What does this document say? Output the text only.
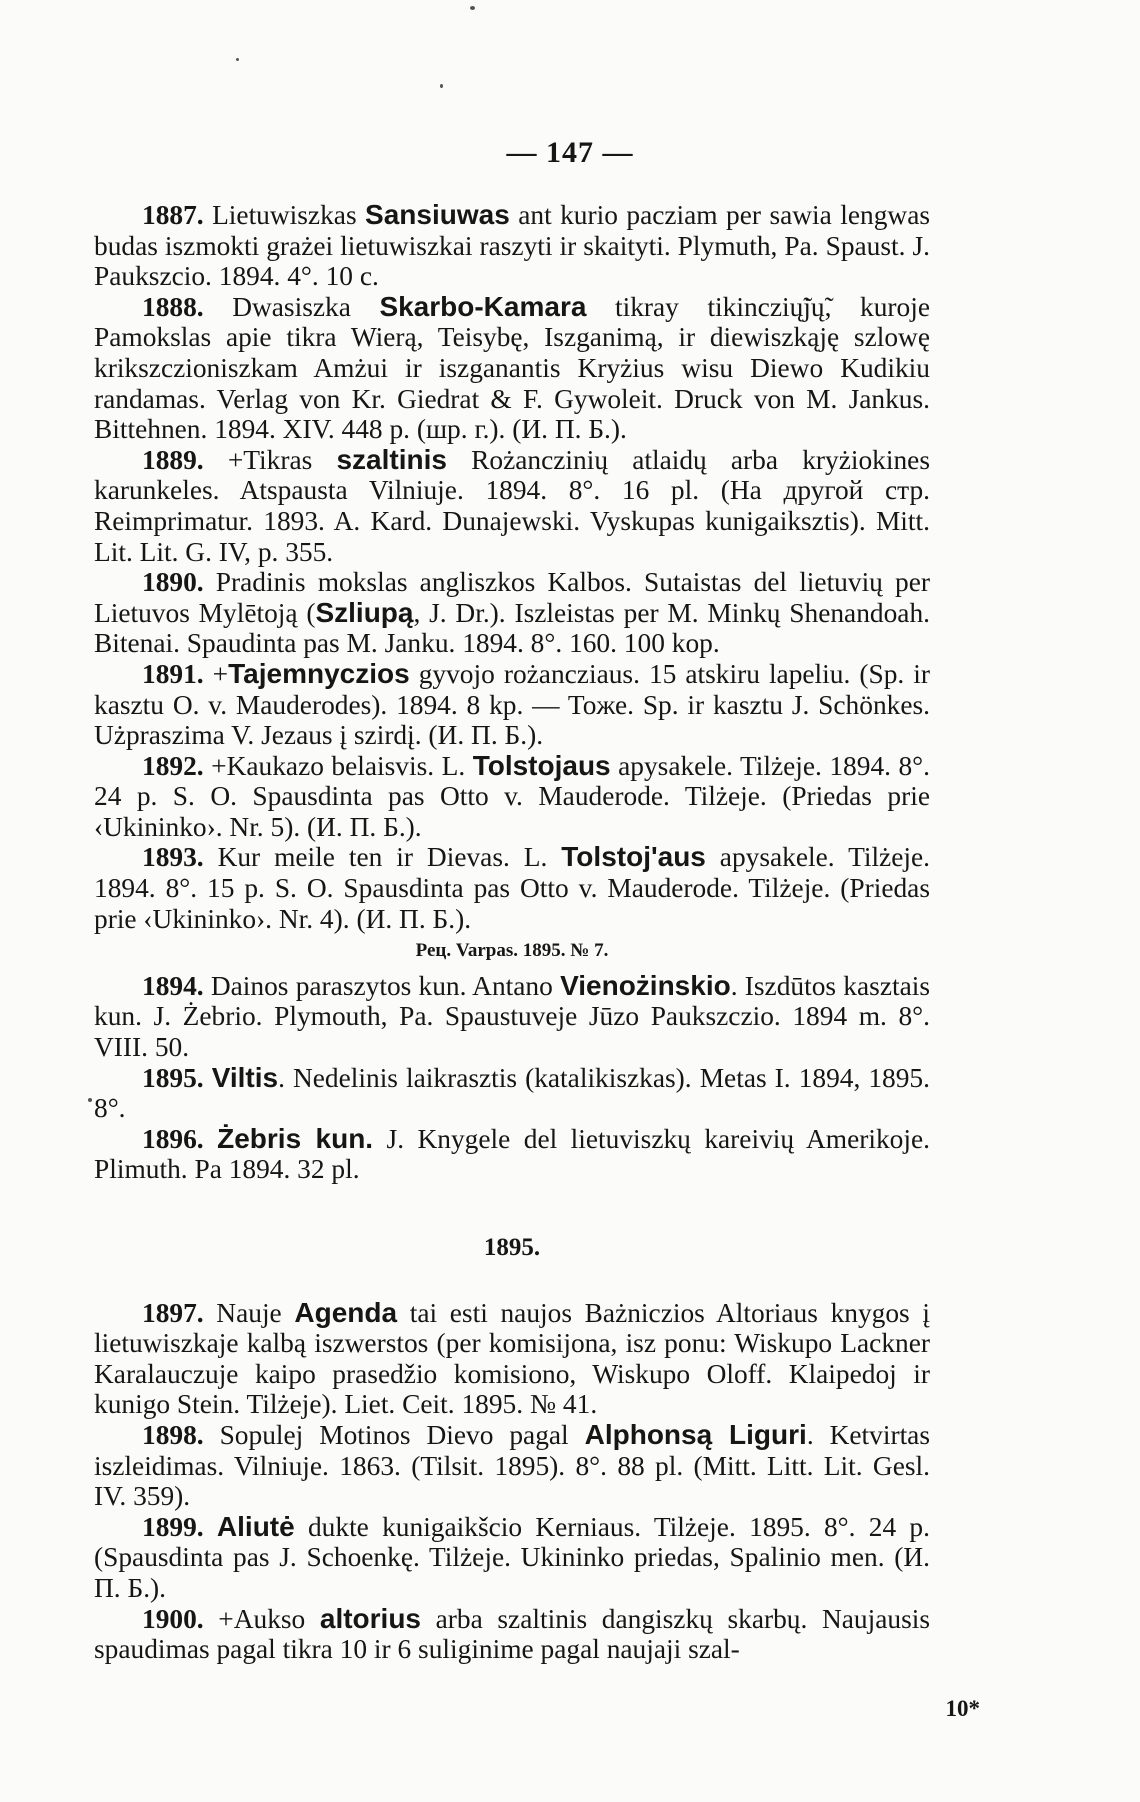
— 147 —
1887. Lietuwiszkas Sansiuwas ant kurio pacziam per sawia lengwas budas iszmokti grażei lietuwiszkai raszyti ir skaityti. Plymuth, Pa. Spaust. J. Paukszcio. 1894. 4°. 10 c.
1888. Dwasiszka Skarbo-Kamara tikray tikinczių̃jų̃, kuroje Pamokslas apie tikra Wierą, Teisybę, Iszganimą, ir diewiszkąję szlowę krikszczioniszkam Amżui ir iszganantis Kryżius wisu Diewo Kudikiu randamas. Verlag von Kr. Giedrat & F. Gywoleit. Druck von M. Jankus. Bittehnen. 1894. XIV. 448 p. (шр. г.). (И. П. Б.).
1889. +Tikras szaltinis Rożanczinių atlaidų arba kryżiokines karunkeles. Atspausta Vilniuje. 1894. 8°. 16 pl. (На другой стр. Reimprimatur. 1893. A. Kard. Dunajewski. Vyskupas kunigaiksztis). Mitt. Lit. Lit. G. IV, p. 355.
1890. Pradinis mokslas angliszkos Kalbos. Sutaistas del lietuvių per Lietuvos Mylētoją (Szliupą, J. Dr.). Iszleistas per M. Minkų Shenandoah. Bitenai. Spaudinta pas M. Janku. 1894. 8°. 160. 100 kop.
1891. +Tajemnyczios gyvojo rożancziaus. 15 atskiru lapeliu. (Sp. ir kasztu O. v. Mauderodes). 1894. 8 kp. — Toже. Sp. ir kasztu J. Schönkes. Użpraszima V. Jezaus į szirdį. (И. П. Б.).
1892. +Kaukazo belaisvis. L. Tolstojaus apysakele. Tilżeje. 1894. 8°. 24 p. S. O. Spausdinta pas Otto v. Mauderode. Tilżeje. (Priedas prie ‹Ukininko›. Nr. 5). (И. П. Б.).
1893. Kur meile ten ir Dievas. L. Tolstoj'aus apysakele. Tilżeje. 1894. 8°. 15 p. S. O. Spausdinta pas Otto v. Mauderode. Tilżeje. (Priedas prie ‹Ukininko›. Nr. 4). (И. П. Б.).
Рец. Varpas. 1895. № 7.
1894. Dainos paraszytos kun. Antano Vienożinskio. Iszdūtos kasztais kun. J. Żebrio. Plymouth, Pa. Spaustuveje Jūzo Paukszczio. 1894 m. 8°. VIII. 50.
1895. Viltis. Nedelinis laikrasztis (katalikiszkas). Metas I. 1894, 1895. 8°.
1896. Żebris kun. J. Knygele del lietuviszkų kareivių Amerikoje. Plimuth. Pa 1894. 32 pl.
1895.
1897. Nauje Agenda tai esti naujos Bażniczios Altoriaus knygos į lietuwiszkaje kalbą iszwerstos (per komisijona, isz ponu: Wiskupo Lackner Karalauczuje kaipo prasedžio komisiono, Wiskupo Oloff. Klaipedoj ir kunigo Stein. Tilżeje). Liet. Ceit. 1895. № 41.
1898. Sopulej Motinos Dievo pagal Alphonsą Liguri. Ketvirtas iszleidimas. Vilniuje. 1863. (Tilsit. 1895). 8°. 88 pl. (Mitt. Litt. Lit. Gesl. IV. 359).
1899. Aliutė dukte kunigaikšcio Kerniaus. Tilżeje. 1895. 8°. 24 p. (Spausdinta pas J. Schoenkę. Tilżeje. Ukininko priedas, Spalinio men. (И. П. Б.).
1900. +Aukso altorius arba szaltinis dangiszkų skarbų. Naujausis spaudimas pagal tikra 10 ir 6 suliginime pagal naujaji szal-
10*
